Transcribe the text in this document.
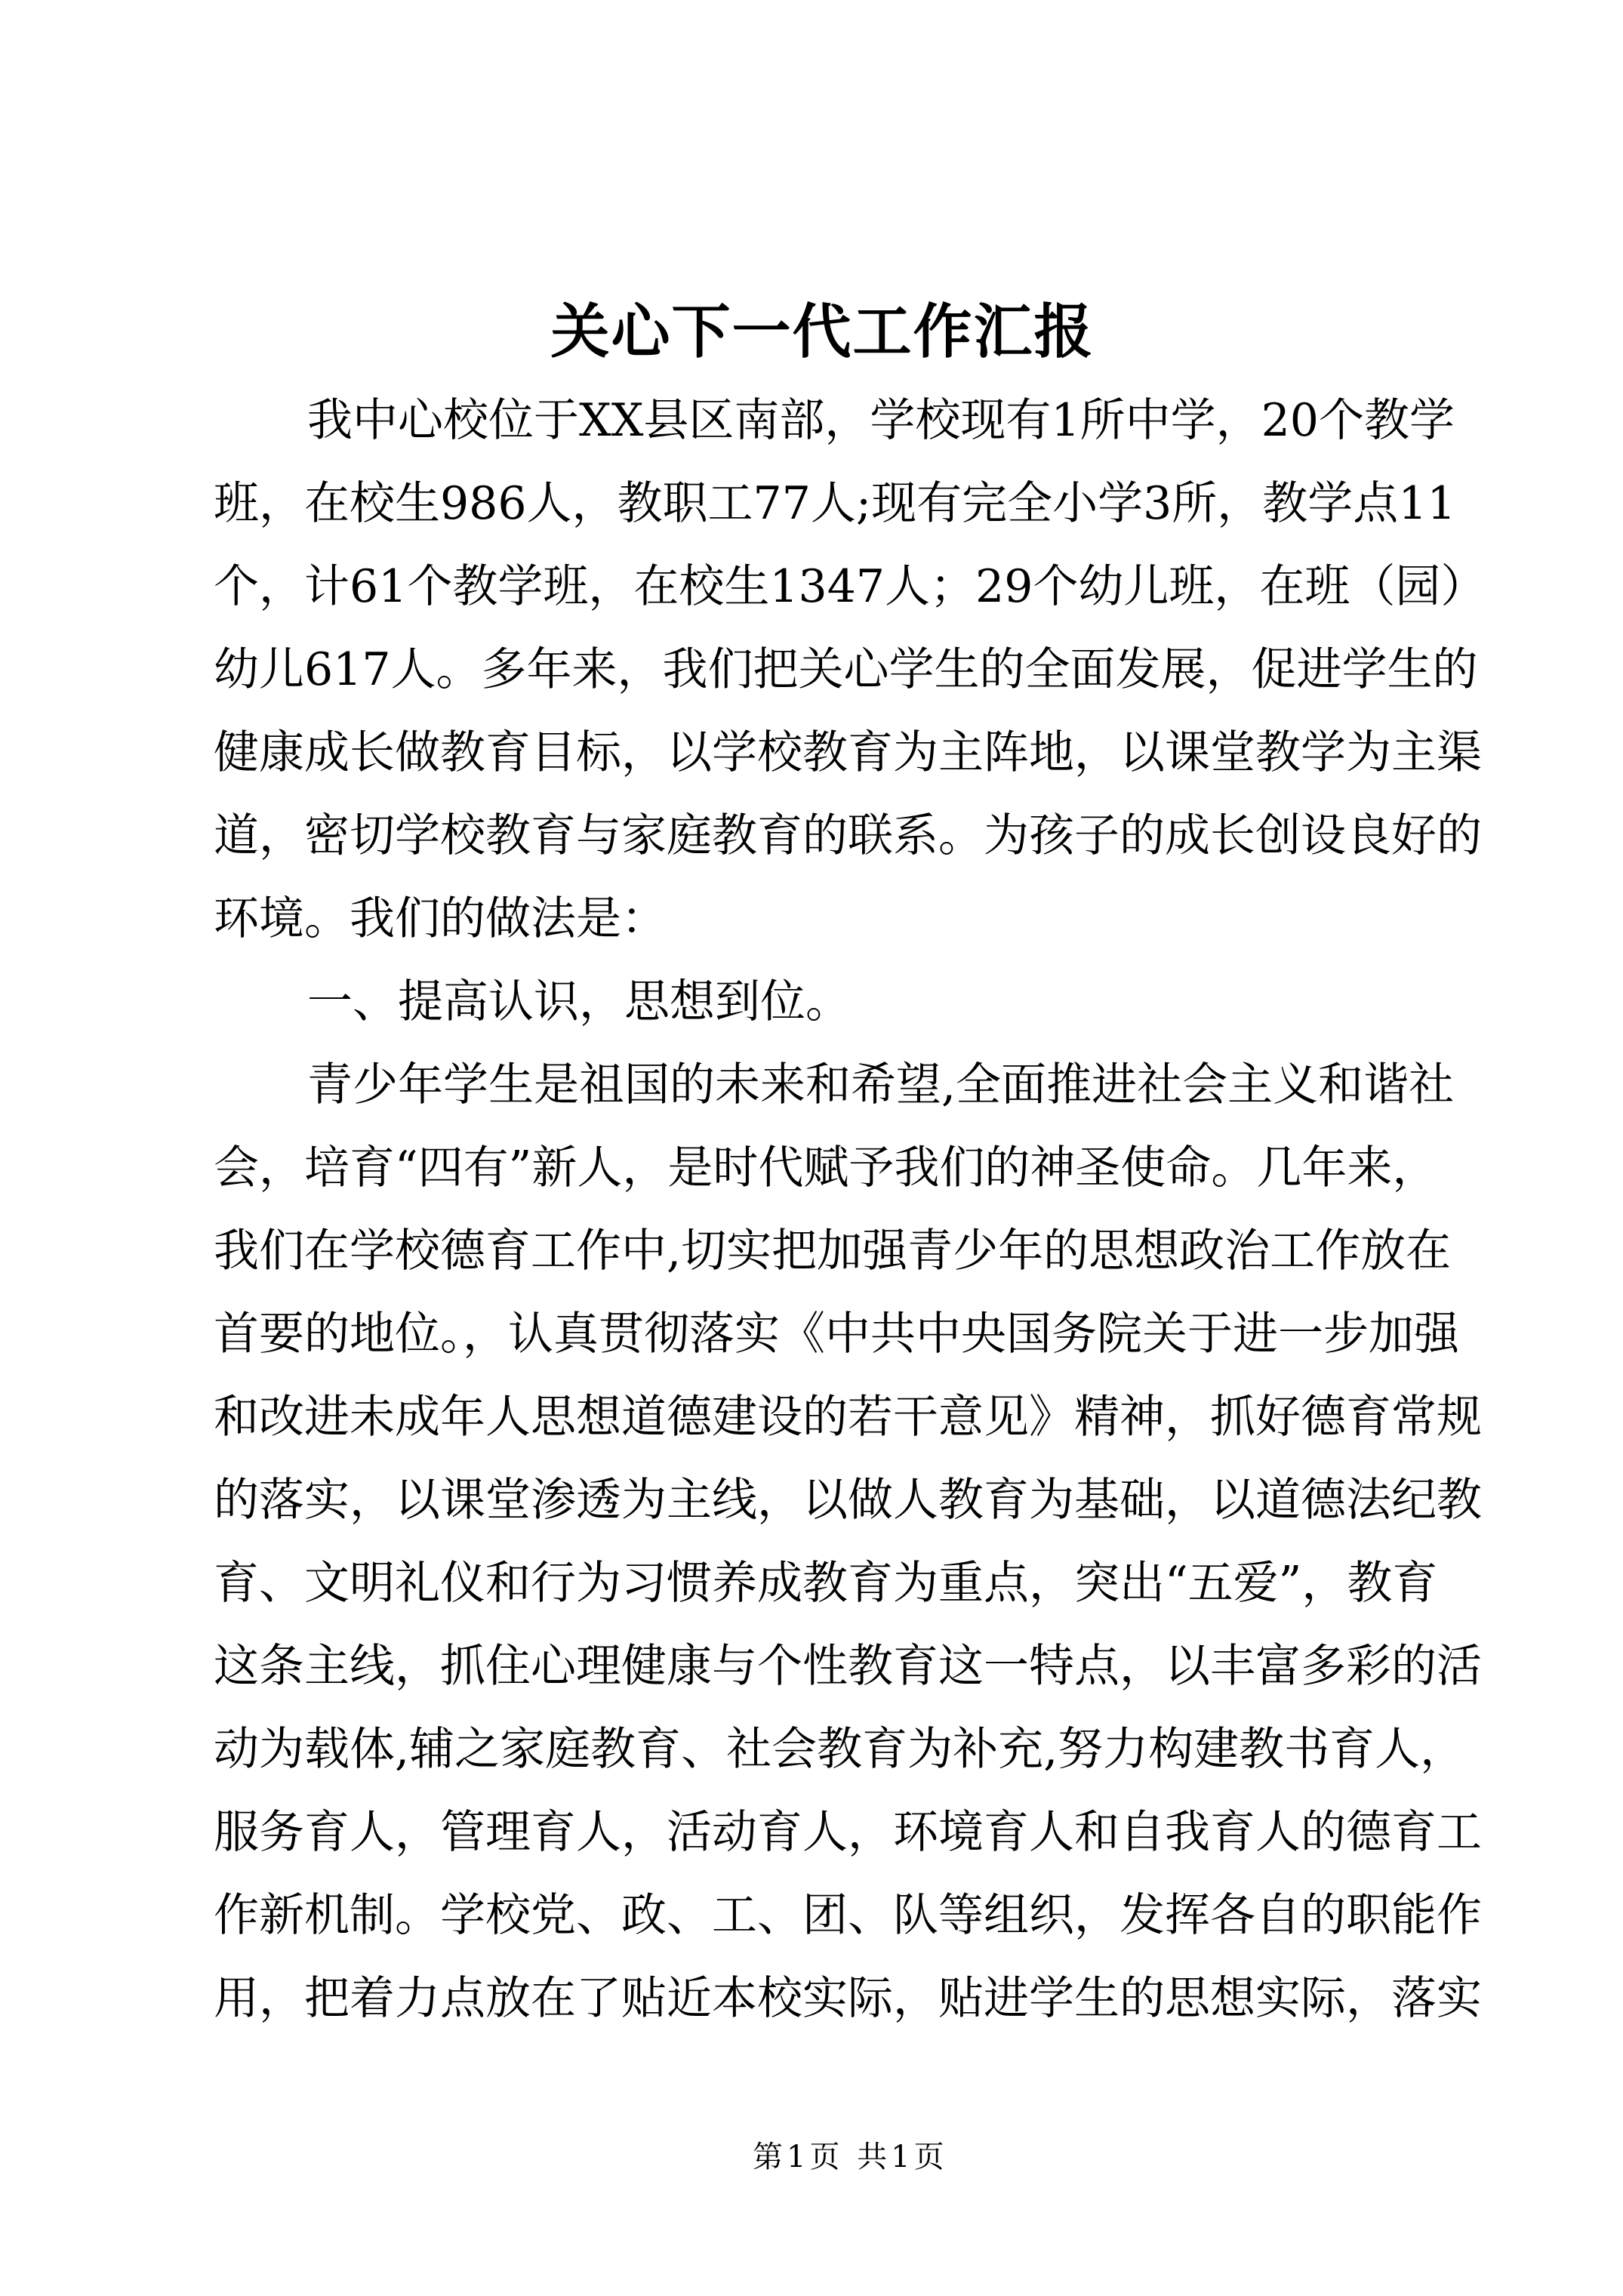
关心下一代工作汇报
我中心校位于XX县区南部，学校现有1所中学，20个教学
班，在校生986人，教职工77人;现有完全小学3所，教学点11
个，计61个教学班，在校生1347人；29个幼儿班，在班（园）
幼儿617人。多年来，我们把关心学生的全面发展，促进学生的
健康成长做教育目标，以学校教育为主阵地，以课堂教学为主渠
道，密切学校教育与家庭教育的联系。为孩子的成长创设良好的
环境。我们的做法是：
一、提高认识，思想到位。
青少年学生是祖国的未来和希望,全面推进社会主义和谐社
会，培育“四有”新人，是时代赋予我们的神圣使命。几年来，
我们在学校德育工作中,切实把加强青少年的思想政治工作放在
首要的地位。，认真贯彻落实《中共中央国务院关于进一步加强
和改进未成年人思想道德建设的若干意见》精神，抓好德育常规
的落实，以课堂渗透为主线，以做人教育为基础，以道德法纪教
育、文明礼仪和行为习惯养成教育为重点，突出“五爱”，教育
这条主线，抓住心理健康与个性教育这一特点，以丰富多彩的活
动为载体,辅之家庭教育、社会教育为补充,努力构建教书育人，
服务育人，管理育人，活动育人，环境育人和自我育人的德育工
作新机制。学校党、政、工、团、队等组织，发挥各自的职能作
用，把着力点放在了贴近本校实际，贴进学生的思想实际，落实
第1页 共1页
